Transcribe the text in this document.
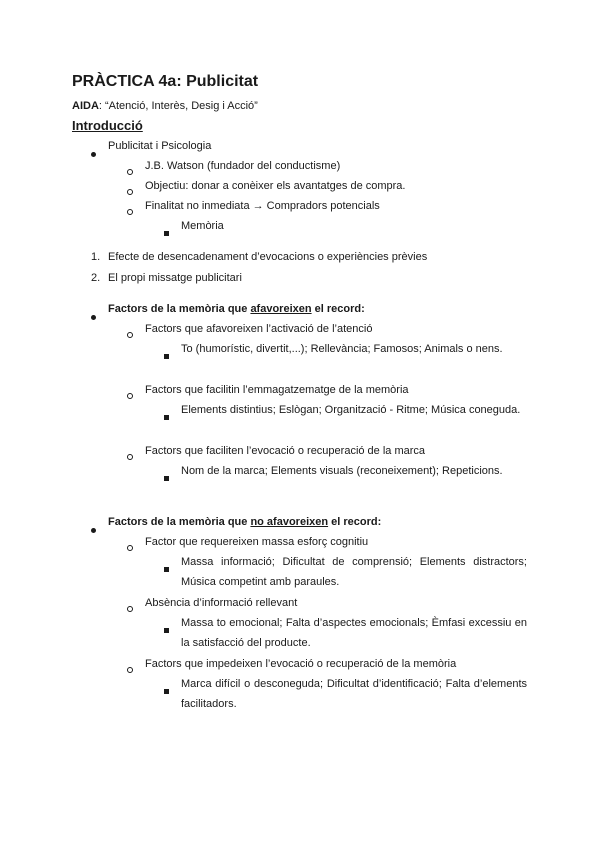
PRÀCTICA 4a: Publicitat

AIDA: “Atenció, Interès, Desig i Acció”

Introducció

Publicitat i Psicologia

J.B. Watson (fundador del conductisme)

Objectiu: donar a conèixer els avantatges de compra.

Finalitat no inmediata → Compradors potencials

Memòria

1. Efecte de desencadenament d’evocacions o experiències prèvies

2. El propi missatge publicitari

Factors de la memòria que afavoreixen el record:

Factors que afavoreixen l’activació de l’atenció

To (humorístic, divertit,...); Rellevància; Famosos; Animals o nens.

Factors que facilitin l’emmagatzematge de la memòria

Elements distintius; Eslògan; Organització - Ritme; Música coneguda.

Factors que faciliten l’evocació o recuperació de la marca

Nom de la marca; Elements visuals (reconeixement); Repeticions.

Factors de la memòria que no afavoreixen el record:

Factor que requereixen massa esforç cognitiu

Massa informació; Dificultat de comprensió; Elements distractors; Música competint amb paraules.

Absència d’informació rellevant

Massa to emocional; Falta d’aspectes emocionals; Èmfasi excessiu en la satisfacció del producte.

Factors que impedeixen l’evocació o recuperació de la memòria

Marca difícil o desconeguda; Dificultat d’identificació; Falta d’elements facilitadors.
